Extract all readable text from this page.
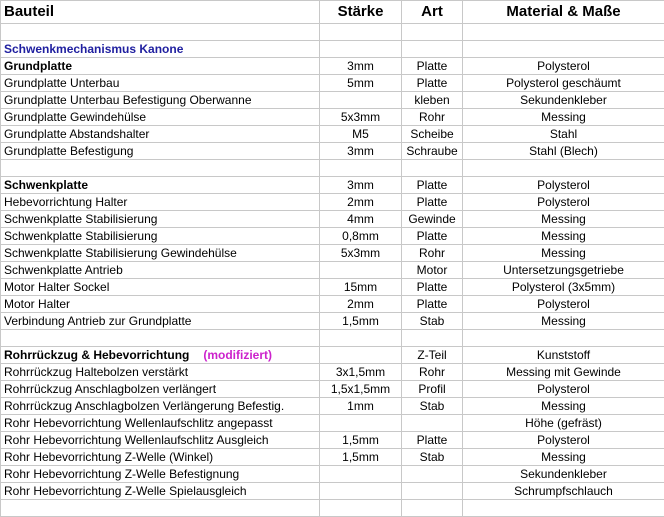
Bauteil	Stärke	Art	Material & Maße

Schwenkmechanismus Kanone			
Grundplatte	3mm	Platte	Polysterol
Grundplatte Unterbau	5mm	Platte	Polysterol geschäumt
Grundplatte Unterbau Befestigung Oberwanne		kleben	Sekundenkleber
Grundplatte Gewindehülse	5x3mm	Rohr	Messing
Grundplatte Abstandshalter	M5	Scheibe	Stahl
Grundplatte Befestigung	3mm	Schraube	Stahl (Blech)

Schwenkplatte	3mm	Platte	Polysterol
Hebevorrichtung Halter	2mm	Platte	Polysterol
Schwenkplatte Stabilisierung	4mm	Gewinde	Messing
Schwenkplatte Stabilisierung	0,8mm	Platte	Messing
Schwenkplatte Stabilisierung Gewindehülse	5x3mm	Rohr	Messing
Schwenkplatte Antrieb		Motor	Untersetzungsgetriebe
Motor Halter Sockel	15mm	Platte	Polysterol (3x5mm)
Motor Halter	2mm	Platte	Polysterol
Verbindung Antrieb zur Grundplatte	1,5mm	Stab	Messing

Rohrrückzug & Hebevorrichtung (modifiziert)		Z-Teil	Kunststoff
Rohrrückzug Haltebolzen verstärkt	3x1,5mm	Rohr	Messing mit Gewinde
Rohrrückzug Anschlagbolzen verlängert	1,5x1,5mm	Profil	Polysterol
Rohrrückzug Anschlagbolzen Verlängerung Befestig.	1mm	Stab	Messing
Rohr Hebevorrichtung Wellenlaufschlitz angepasst			Höhe (gefräst)
Rohr Hebevorrichtung Wellenlaufschlitz Ausgleich	1,5mm	Platte	Polysterol
Rohr Hebevorrichtung Z-Welle (Winkel)	1,5mm	Stab	Messing
Rohr Hebevorrichtung Z-Welle Befestignung			Sekundenkleber
Rohr Hebevorrichtung Z-Welle Spielausgleich			Schrumpfschlauch
